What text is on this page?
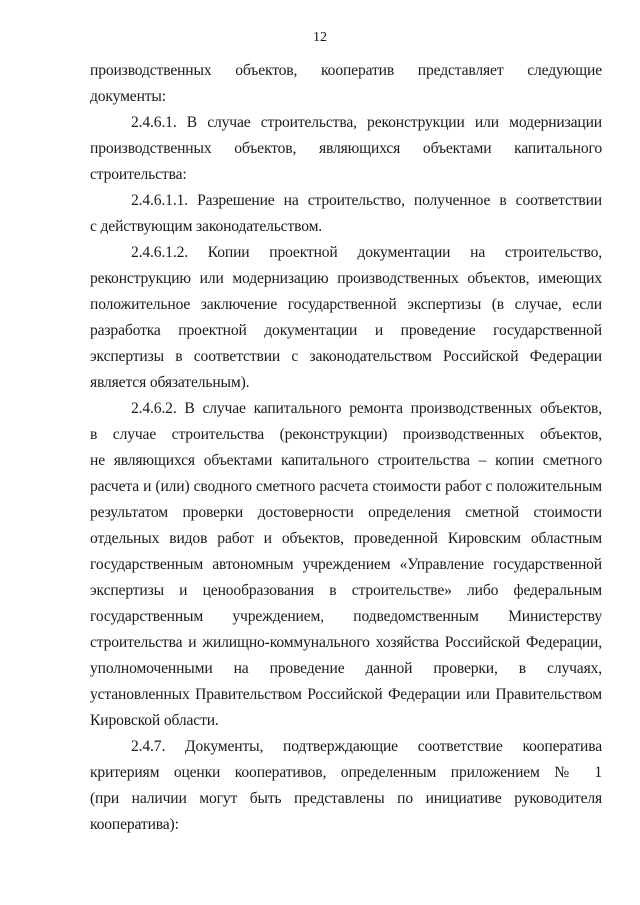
12
производственных объектов, кооператив представляет следующие
документы:
2.4.6.1. В случае строительства, реконструкции или модернизации
производственных объектов, являющихся объектами капитального
строительства:
2.4.6.1.1. Разрешение на строительство, полученное в соответствии
с действующим законодательством.
2.4.6.1.2. Копии проектной документации на строительство,
реконструкцию или модернизацию производственных объектов, имеющих
положительное заключение государственной экспертизы (в случае, если
разработка проектной документации и проведение государственной
экспертизы в соответствии с законодательством Российской Федерации
является обязательным).
2.4.6.2. В случае капитального ремонта производственных объектов,
в случае строительства (реконструкции) производственных объектов,
не являющихся объектами капитального строительства – копии сметного
расчета и (или) сводного сметного расчета стоимости работ с положительным
результатом проверки достоверности определения сметной стоимости
отдельных видов работ и объектов, проведенной Кировским областным
государственным автономным учреждением «Управление государственной
экспертизы и ценообразования в строительстве» либо федеральным
государственным учреждением, подведомственным Министерству
строительства и жилищно-коммунального хозяйства Российской Федерации,
уполномоченными на проведение данной проверки, в случаях,
установленных Правительством Российской Федерации или Правительством
Кировской области.
2.4.7. Документы, подтверждающие соответствие кооператива
критериям оценки кооперативов, определенным приложением № 1
(при наличии могут быть представлены по инициативе руководителя
кооператива):
